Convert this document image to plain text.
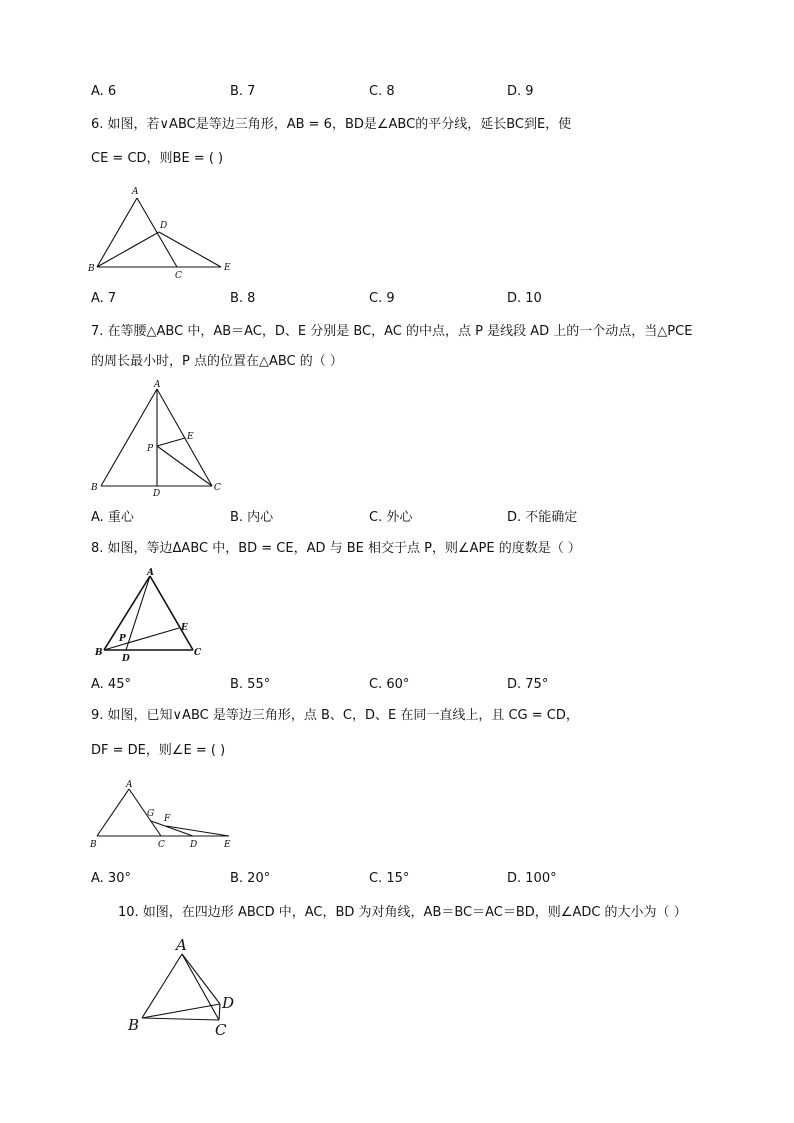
A. 6	B. 7	C. 8	D. 9
6. 如图，若∨ABC是等边三角形，AB = 6，BD是∠ABC的平分线，延长BC到E，使
CE = CD，则BE = ( )
A
B
C
D
E
A. 7	B. 8	C. 9	D. 10
7. 在等腰△ABC 中，AB＝AC，D、E 分别是 BC，AC 的中点，点 P 是线段 AD 上的一个动点，当△PCE
的周长最小时，P 点的位置在△ABC 的（ ）
A
B	C
D
E
P
A. 重心	B. 内心	C. 外心	D. 不能确定
8. 如图，等边ΔABC 中，BD = CE，AD 与 BE 相交于点 P，则∠APE 的度数是（ ）
A
B	C
D
E
P
A. 45°	B. 55°	C. 60°	D. 75°
9. 如图，已知∨ABC 是等边三角形，点 B、C，D、E 在同一直线上，且 CG = CD，
DF = DE，则∠E = ( )
A
B	C	D	E
F
G
A. 30°	B. 20°	C. 15°	D. 100°
10. 如图，在四边形 ABCD 中，AC，BD 为对角线，AB＝BC＝AC＝BD，则∠ADC 的大小为（ ）
A
B	C
D
